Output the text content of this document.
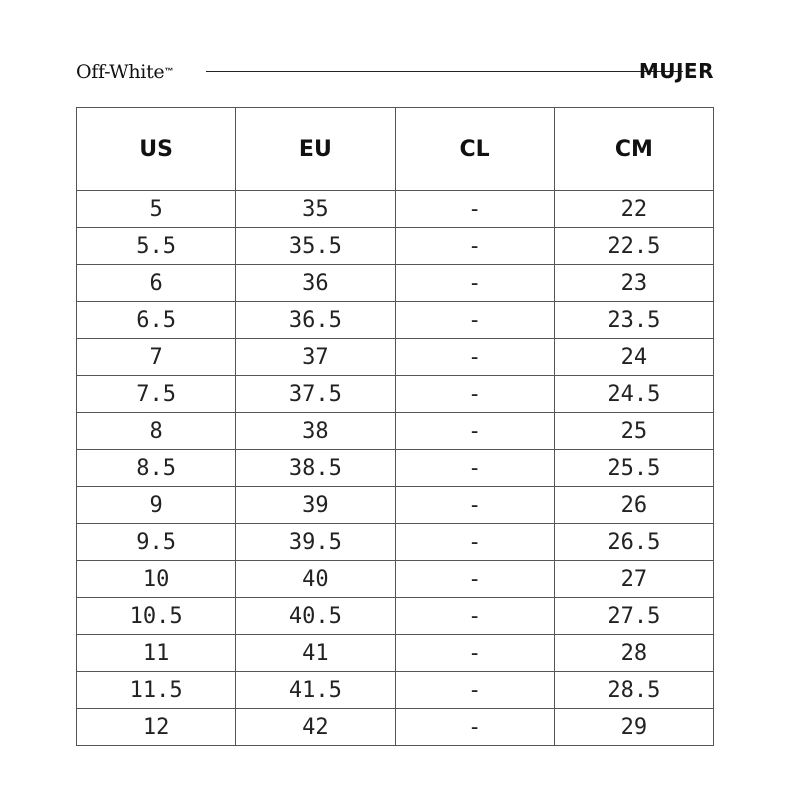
Off-White™	MUJER
US	EU	CL	CM
5	35	-	22
5.5	35.5	-	22.5
6	36	-	23
6.5	36.5	-	23.5
7	37	-	24
7.5	37.5	-	24.5
8	38	-	25
8.5	38.5	-	25.5
9	39	-	26
9.5	39.5	-	26.5
10	40	-	27
10.5	40.5	-	27.5
11	41	-	28
11.5	41.5	-	28.5
12	42	-	29
